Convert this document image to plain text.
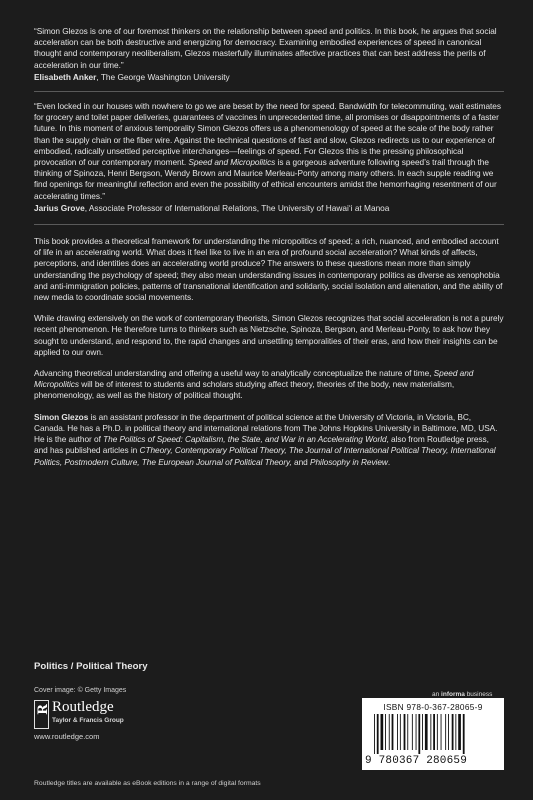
“Simon Glezos is one of our foremost thinkers on the relationship between speed and politics. In this book, he argues that social acceleration can be both destructive and energizing for democracy. Examining embodied experiences of speed in canonical thought and contemporary neoliberalism, Glezos masterfully illuminates affective practices that can best address the perils of acceleration in our time.”

Elisabeth Anker, The George Washington University

“Even locked in our houses with nowhere to go we are beset by the need for speed. Bandwidth for telecommuting, wait estimates for grocery and toilet paper deliveries, guarantees of vaccines in unprecedented time, all promises or disappointments of a faster future. In this moment of anxious temporality Simon Glezos offers us a phenomenology of speed at the scale of the body rather than the supply chain or the fiber wire. Against the technical questions of fast and slow, Glezos redirects us to our experience of embodied, radically unsettled perceptive interchanges—feelings of speed. For Glezos this is the pressing philosophical provocation of our contemporary moment. Speed and Micropolitics is a gorgeous adventure following speed’s trail through the thinking of Spinoza, Henri Bergson, Wendy Brown and Maurice Merleau-Ponty among many others. In each supple reading we find openings for meaningful reflection and even the possibility of ethical encounters amidst the hemorrhaging resentment of our accelerating times.”

Jarius Grove, Associate Professor of International Relations, The University of Hawai‘i at Manoa

This book provides a theoretical framework for understanding the micropolitics of speed; a rich, nuanced, and embodied account of life in an accelerating world. What does it feel like to live in an era of profound social acceleration? What kinds of affects, perceptions, and identities does an accelerating world produce? The answers to these questions mean more than simply understanding the psychology of speed; they also mean understanding issues in contemporary politics as diverse as xenophobia and anti-immigration policies, patterns of transnational identification and solidarity, social isolation and alienation, and the ability of new media to coordinate social movements.

While drawing extensively on the work of contemporary theorists, Simon Glezos recognizes that social acceleration is not a purely recent phenomenon. He therefore turns to thinkers such as Nietzsche, Spinoza, Bergson, and Merleau-Ponty, to ask how they sought to understand, and respond to, the rapid changes and unsettling temporalities of their eras, and how their insights can be applied to our own.

Advancing theoretical understanding and offering a useful way to analytically conceptualize the nature of time, Speed and Micropolitics will be of interest to students and scholars studying affect theory, theories of the body, new materialism, phenomenology, as well as the history of political thought.

Simon Glezos is an assistant professor in the department of political science at the University of Victoria, in Victoria, BC, Canada. He has a Ph.D. in political theory and international relations from The Johns Hopkins University in Baltimore, MD, USA. He is the author of The Politics of Speed: Capitalism, the State, and War in an Accelerating World, also from Routledge press, and has published articles in CTheory, Contemporary Political Theory, The Journal of International Political Theory, International Politics, Postmodern Culture, The European Journal of Political Theory, and Philosophy in Review.

Politics / Political Theory
Cover image: © Getty Images
R Routledge
Taylor & Francis Group
www.routledge.com
an informa business
ISBN 978-0-367-28065-9
9 780367 280659
Routledge titles are available as eBook editions in a range of digital formats
